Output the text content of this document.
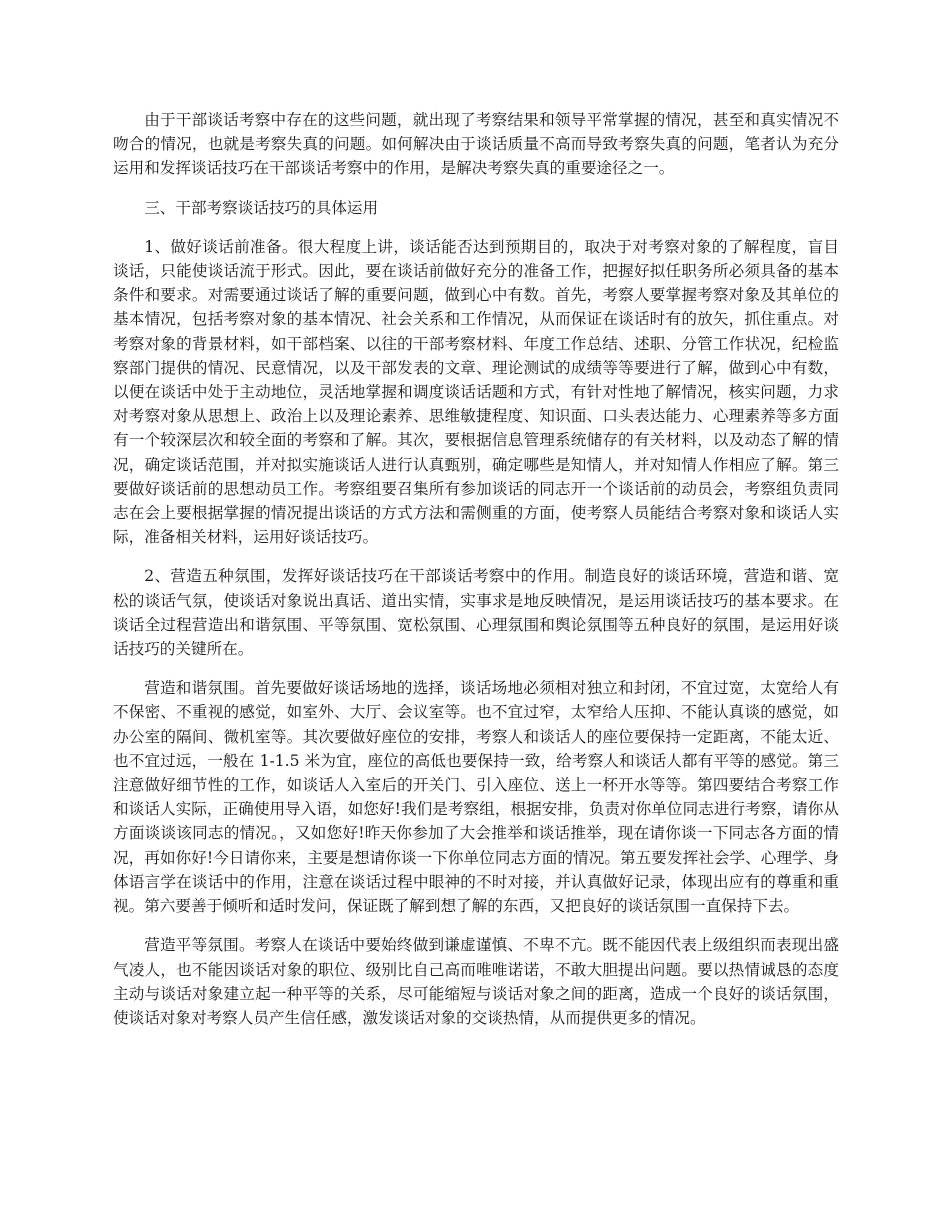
由于干部谈话考察中存在的这些问题，就出现了考察结果和领导平常掌握的情况，甚至和真实情况不吻合的情况，也就是考察失真的问题。如何解决由于谈话质量不高而导致考察失真的问题，笔者认为充分运用和发挥谈话技巧在干部谈话考察中的作用，是解决考察失真的重要途径之一。

三、干部考察谈话技巧的具体运用

1、做好谈话前准备。很大程度上讲，谈话能否达到预期目的，取决于对考察对象的了解程度，盲目谈话，只能使谈话流于形式。因此，要在谈话前做好充分的准备工作，把握好拟任职务所必须具备的基本条件和要求。对需要通过谈话了解的重要问题，做到心中有数。首先，考察人要掌握考察对象及其单位的基本情况，包括考察对象的基本情况、社会关系和工作情况，从而保证在谈话时有的放矢，抓住重点。对考察对象的背景材料，如干部档案、以往的干部考察材料、年度工作总结、述职、分管工作状况，纪检监察部门提供的情况、民意情况，以及干部发表的文章、理论测试的成绩等等要进行了解，做到心中有数，以便在谈话中处于主动地位，灵活地掌握和调度谈话话题和方式，有针对性地了解情况，核实问题，力求对考察对象从思想上、政治上以及理论素养、思维敏捷程度、知识面、口头表达能力、心理素养等多方面有一个较深层次和较全面的考察和了解。其次，要根据信息管理系统储存的有关材料，以及动态了解的情况，确定谈话范围，并对拟实施谈话人进行认真甄别，确定哪些是知情人，并对知情人作相应了解。第三要做好谈话前的思想动员工作。考察组要召集所有参加谈话的同志开一个谈话前的动员会，考察组负责同志在会上要根据掌握的情况提出谈话的方式方法和需侧重的方面，使考察人员能结合考察对象和谈话人实际，准备相关材料，运用好谈话技巧。

2、营造五种氛围，发挥好谈话技巧在干部谈话考察中的作用。制造良好的谈话环境，营造和谐、宽松的谈话气氛，使谈话对象说出真话、道出实情，实事求是地反映情况，是运用谈话技巧的基本要求。在谈话全过程营造出和谐氛围、平等氛围、宽松氛围、心理氛围和舆论氛围等五种良好的氛围，是运用好谈话技巧的关键所在。

营造和谐氛围。首先要做好谈话场地的选择，谈话场地必须相对独立和封闭，不宜过宽，太宽给人有不保密、不重视的感觉，如室外、大厅、会议室等。也不宜过窄，太窄给人压抑、不能认真谈的感觉，如办公室的隔间、微机室等。其次要做好座位的安排，考察人和谈话人的座位要保持一定距离，不能太近、也不宜过远，一般在 1-1.5 米为宜，座位的高低也要保持一致，给考察人和谈话人都有平等的感觉。第三注意做好细节性的工作，如谈话人入室后的开关门、引入座位、送上一杯开水等等。第四要结合考察工作和谈话人实际，正确使用导入语，如您好!我们是考察组，根据安排，负责对你单位同志进行考察，请你从方面谈谈该同志的情况。，又如您好!昨天你参加了大会推举和谈话推举，现在请你谈一下同志各方面的情况，再如你好!今日请你来，主要是想请你谈一下你单位同志方面的情况。第五要发挥社会学、心理学、身体语言学在谈话中的作用，注意在谈话过程中眼神的不时对接，并认真做好记录，体现出应有的尊重和重视。第六要善于倾听和适时发问，保证既了解到想了解的东西，又把良好的谈话氛围一直保持下去。

营造平等氛围。考察人在谈话中要始终做到谦虚谨慎、不卑不亢。既不能因代表上级组织而表现出盛气凌人，也不能因谈话对象的职位、级别比自己高而唯唯诺诺，不敢大胆提出问题。要以热情诚恳的态度主动与谈话对象建立起一种平等的关系，尽可能缩短与谈话对象之间的距离，造成一个良好的谈话氛围，使谈话对象对考察人员产生信任感，激发谈话对象的交谈热情，从而提供更多的情况。
